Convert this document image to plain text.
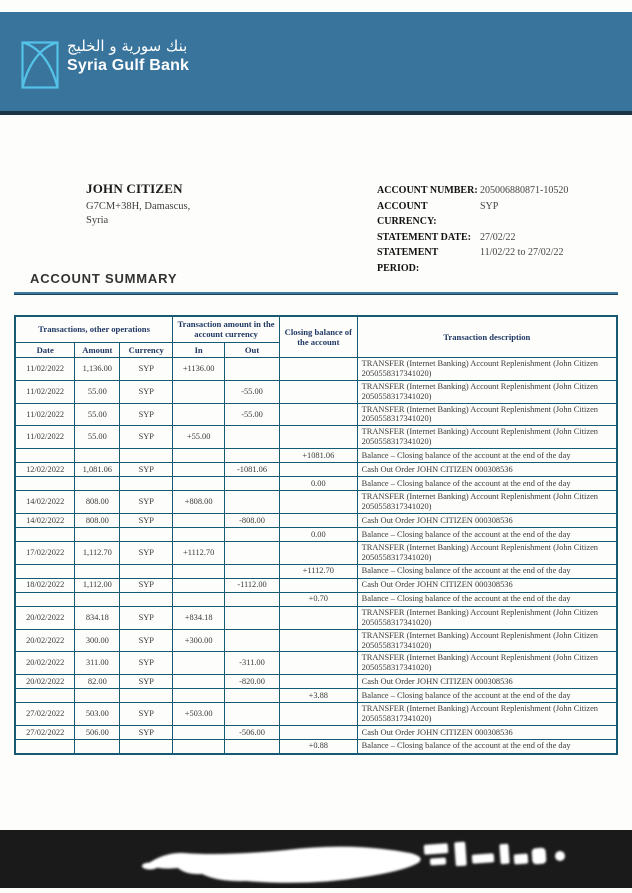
بنك سورية و الخليج
Syria Gulf Bank
JOHN CITIZEN
G7CM+38H, Damascus,
Syria
ACCOUNT NUMBER: 205006880871-10520
ACCOUNT CURRENCY:
SYP
STATEMENT DATE: 27/02/22
STATEMENT PERIOD:
11/02/22 to 27/02/22
ACCOUNT SUMMARY
Transactions, other operations			Transaction amount in the account currency		Closing balance of the account	Transaction description
Date	Amount	Currency	In	Out		
11/02/2022	1,136.00	SYP	+1136.00			TRANSFER (Internet Banking) Account Replenishment (John Citizen 2050558317341020)
11/02/2022	55.00	SYP		-55.00		TRANSFER (Internet Banking) Account Replenishment (John Citizen 2050558317341020)
11/02/2022	55.00	SYP		-55.00		TRANSFER (Internet Banking) Account Replenishment (John Citizen 2050558317341020)
11/02/2022	55.00	SYP	+55.00			TRANSFER (Internet Banking) Account Replenishment (John Citizen 2050558317341020)
					+1081.06	Balance – Closing balance of the account at the end of the day
12/02/2022	1,081.06	SYP		-1081.06		Cash Out Order JOHN CITIZEN 000308536
					0.00	Balance – Closing balance of the account at the end of the day
14/02/2022	808.00	SYP	+808.00			TRANSFER (Internet Banking) Account Replenishment (John Citizen 2050558317341020)
14/02/2022	808.00	SYP		-808.00		Cash Out Order JOHN CITIZEN 000308536
					0.00	Balance – Closing balance of the account at the end of the day
17/02/2022	1,112.70	SYP	+1112.70			TRANSFER (Internet Banking) Account Replenishment (John Citizen 2050558317341020)
					+1112.70	Balance – Closing balance of the account at the end of the day
18/02/2022	1,112.00	SYP		-1112.00		Cash Out Order JOHN CITIZEN 000308536
					+0.70	Balance – Closing balance of the account at the end of the day
20/02/2022	834.18	SYP	+834.18			TRANSFER (Internet Banking) Account Replenishment (John Citizen 2050558317341020)
20/02/2022	300.00	SYP	+300.00			TRANSFER (Internet Banking) Account Replenishment (John Citizen 2050558317341020)
20/02/2022	311.00	SYP		-311.00		TRANSFER (Internet Banking) Account Replenishment (John Citizen 2050558317341020)
20/02/2022	82.00	SYP		-820.00		Cash Out Order JOHN CITIZEN 000308536
					+3.88	Balance – Closing balance of the account at the end of the day
27/02/2022	503.00	SYP	+503.00			TRANSFER (Internet Banking) Account Replenishment (John Citizen 2050558317341020)
27/02/2022	506.00	SYP		-506.00		Cash Out Order JOHN CITIZEN 000308536
					+0.88	Balance – Closing balance of the account at the end of the day
